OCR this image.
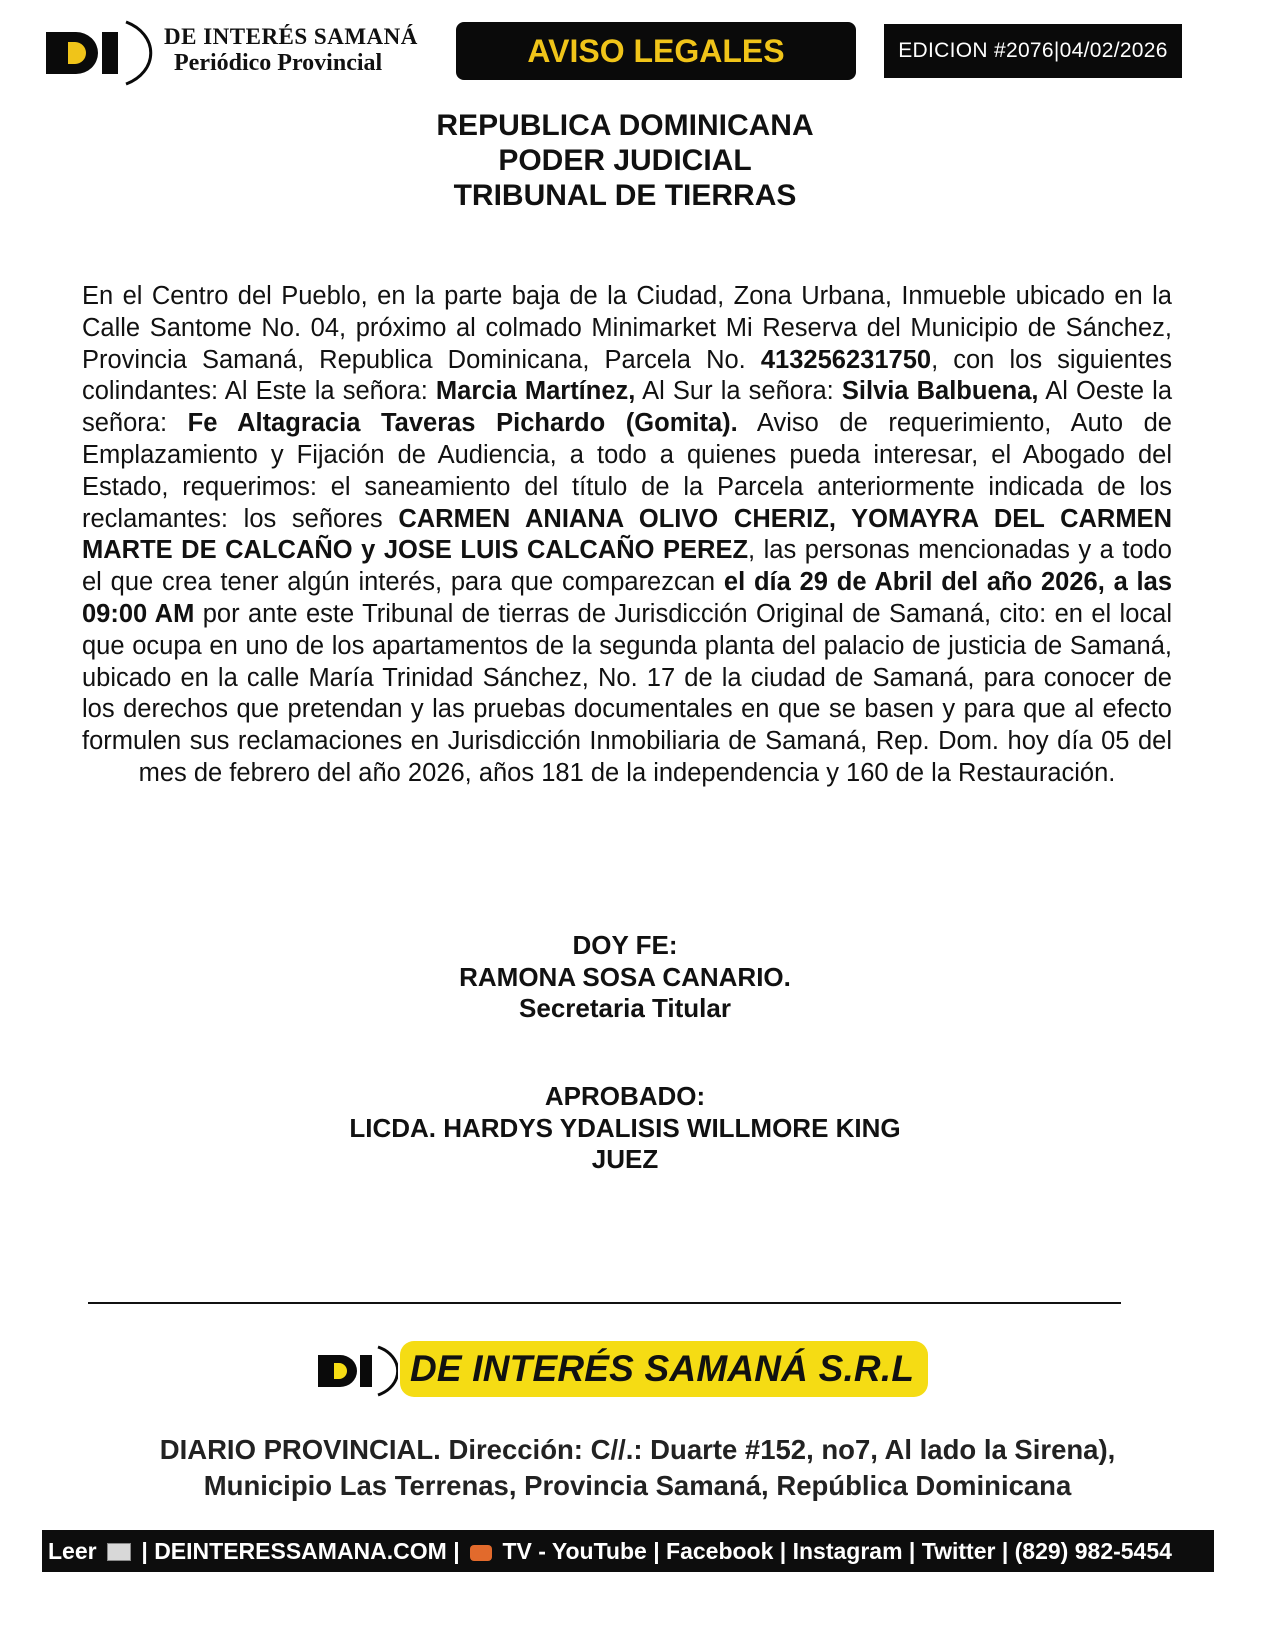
DE INTERÉS SAMANÁ
Periódico Provincial	AVISO LEGALES	EDICION #2076|04/02/2026
REPUBLICA DOMINICANA
PODER JUDICIAL
TRIBUNAL DE TIERRAS
En el Centro del Pueblo, en la parte baja de la Ciudad, Zona Urbana, Inmueble ubicado en la Calle Santome No. 04, próximo al colmado Minimarket Mi Reserva del Municipio de Sánchez, Provincia Samaná, Republica Dominicana, Parcela No. 413256231750, con los siguientes colindantes: Al Este la señora: Marcia Martínez, Al Sur la señora: Silvia Balbuena, Al Oeste la señora: Fe Altagracia Taveras Pichardo (Gomita). Aviso de requerimiento, Auto de Emplazamiento y Fijación de Audiencia, a todo a quienes pueda interesar, el Abogado del Estado, requerimos: el saneamiento del título de la Parcela anteriormente indicada de los reclamantes: los señores CARMEN ANIANA OLIVO CHERIZ, YOMAYRA DEL CARMEN MARTE DE CALCAÑO y JOSE LUIS CALCAÑO PEREZ, las personas mencionadas y a todo el que crea tener algún interés, para que comparezcan el día 29 de Abril del año 2026, a las 09:00 AM por ante este Tribunal de tierras de Jurisdicción Original de Samaná, cito: en el local que ocupa en uno de los apartamentos de la segunda planta del palacio de justicia de Samaná, ubicado en la calle María Trinidad Sánchez, No. 17 de la ciudad de Samaná, para conocer de los derechos que pretendan y las pruebas documentales en que se basen y para que al efecto formulen sus reclamaciones en Jurisdicción Inmobiliaria de Samaná, Rep. Dom. hoy día 05 del mes de febrero del año 2026, años 181 de la independencia y 160 de la Restauración.
DOY FE:
RAMONA SOSA CANARIO.
Secretaria Titular
APROBADO:
LICDA. HARDYS YDALISIS WILLMORE KING
JUEZ
DE INTERÉS SAMANÁ S.R.L
DIARIO PROVINCIAL. Dirección: C//.: Duarte #152, no7, Al lado la Sirena),
Municipio Las Terrenas, Provincia Samaná, República Dominicana
Leer | DEINTERESSAMANA.COM | TV - YouTube | Facebook | Instagram | Twitter | (829) 982-5454
